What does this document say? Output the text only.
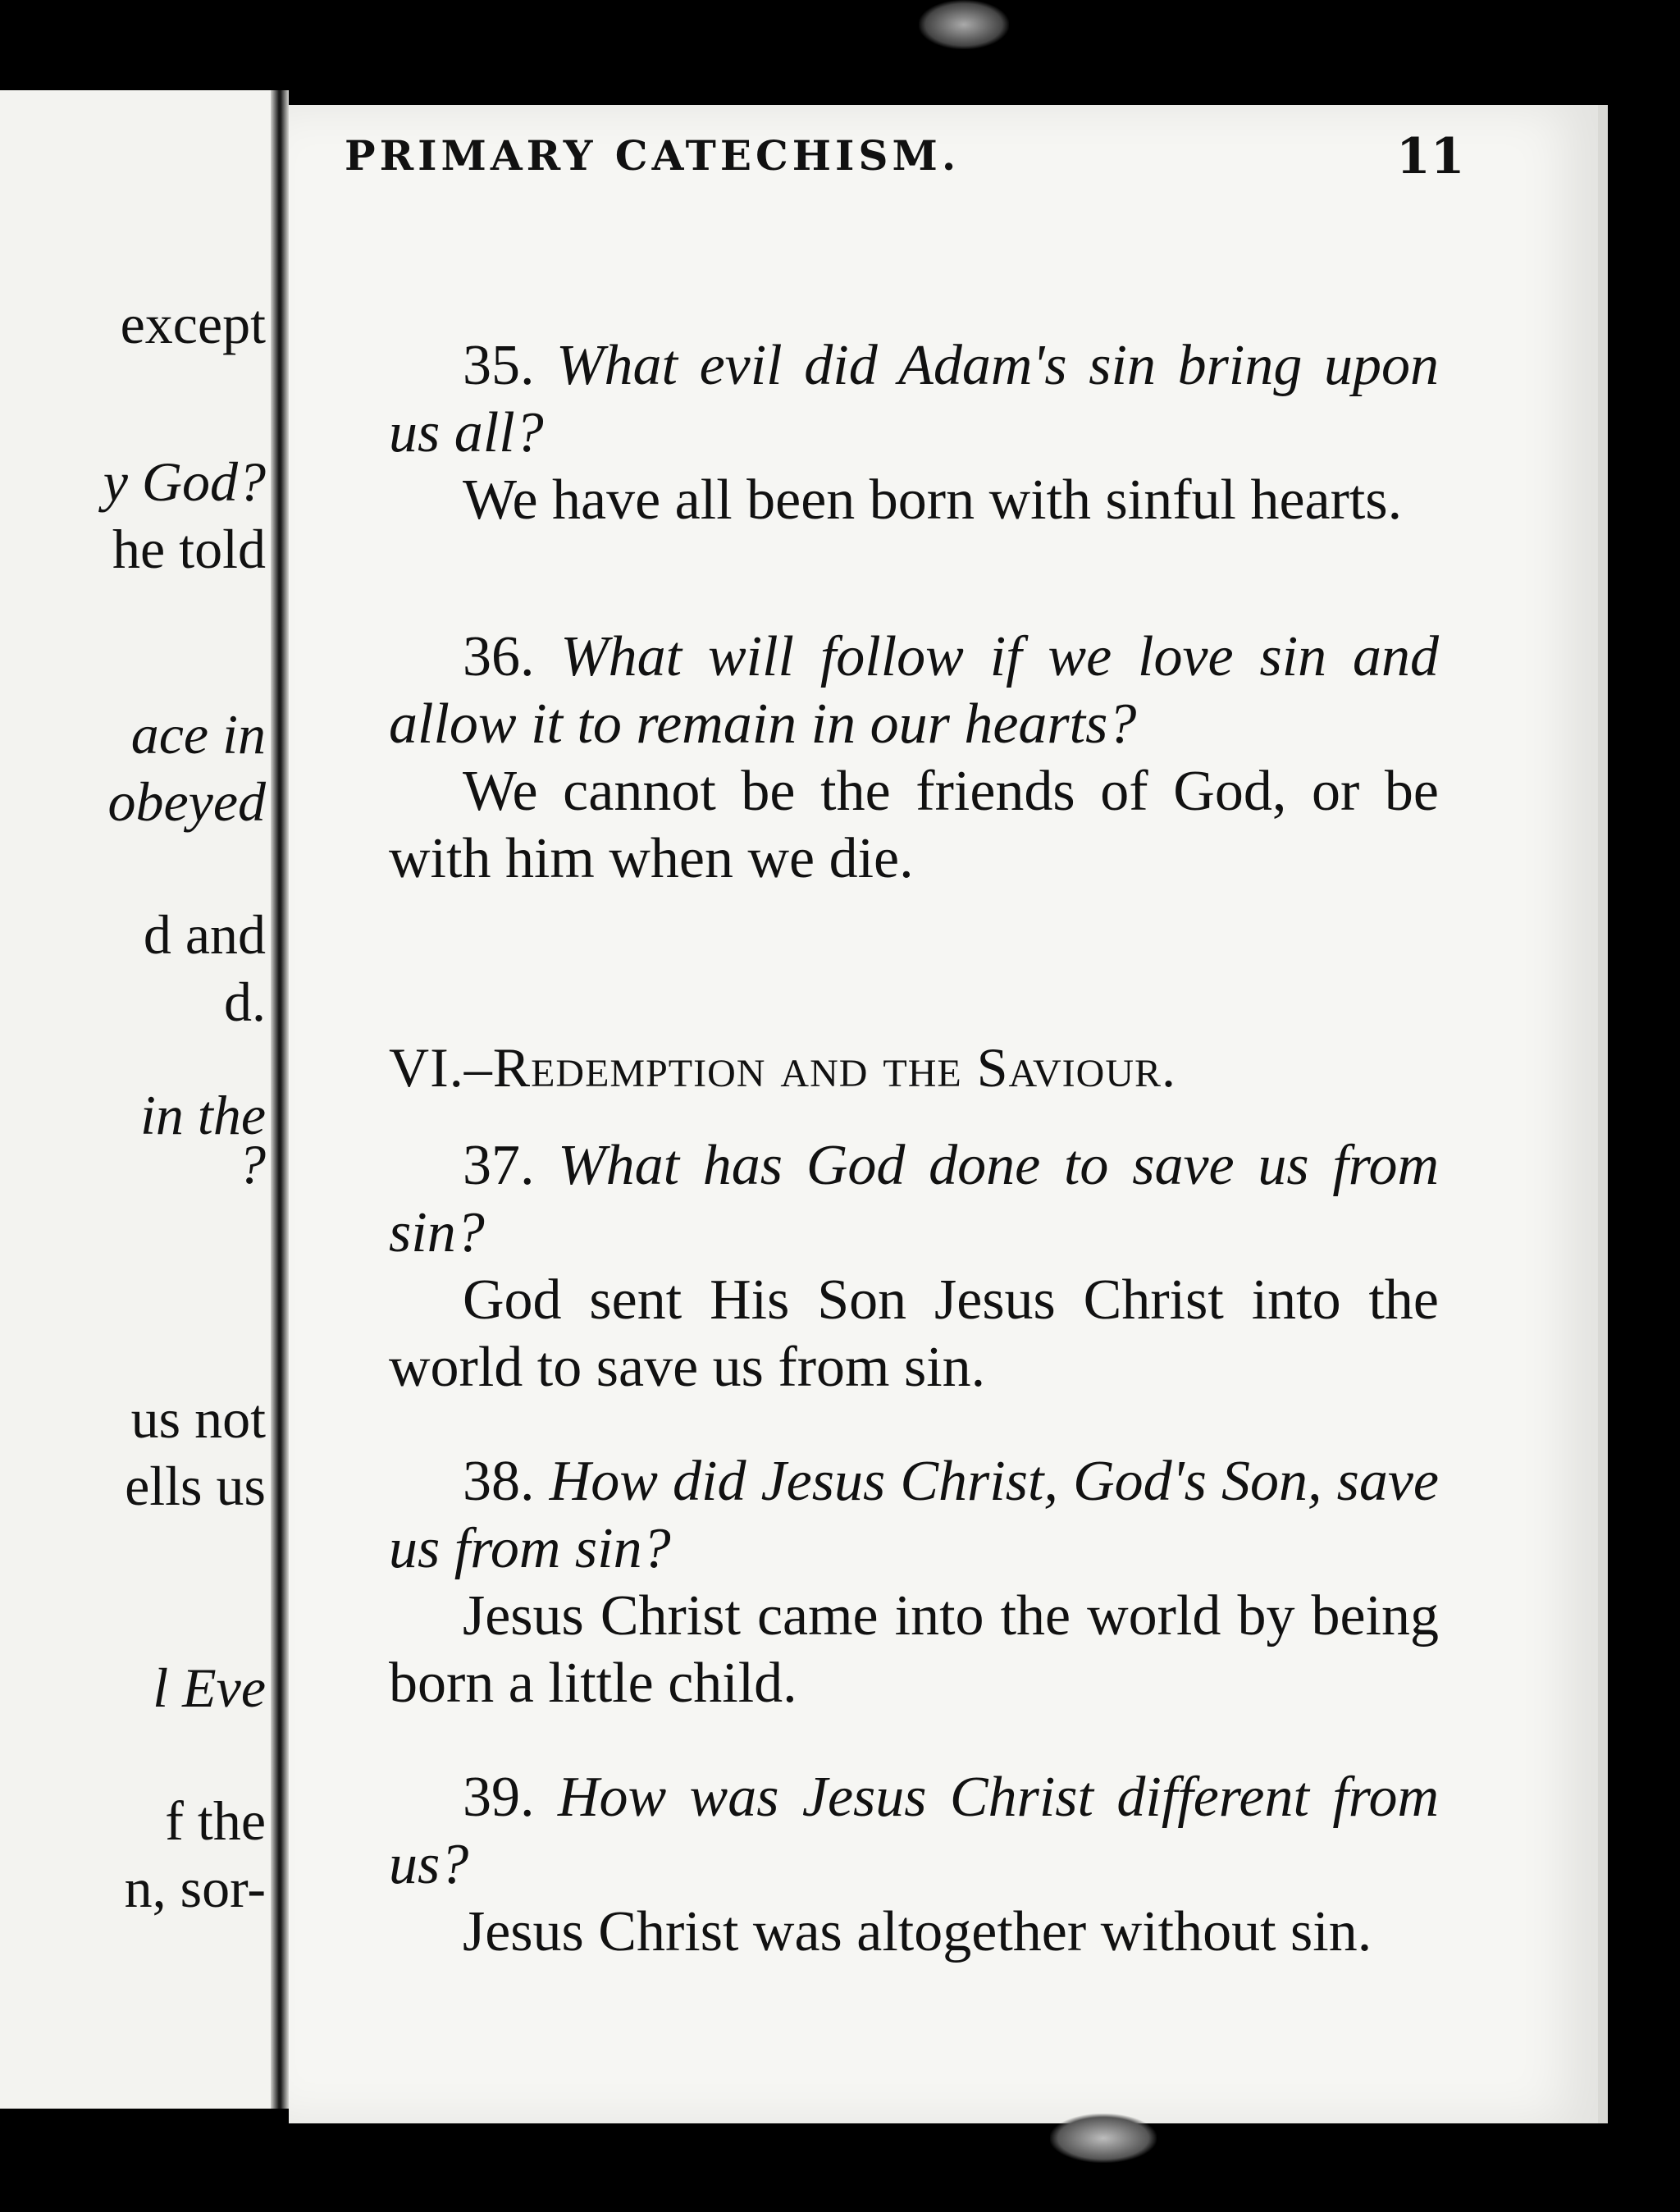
except
y God?
he told
ace in
obeyed
d and
d.
in the
?
us not
ells us
l Eve
f the
n, sor-
PRIMARY CATECHISM.	11

35. What evil did Adam's sin bring upon us all?

We have all been born with sinful hearts.

36. What will follow if we love sin and allow it to remain in our hearts?

We cannot be the friends of God, or be with him when we die.

VI.–Redemption and the Saviour.

37. What has God done to save us from sin?

God sent His Son Jesus Christ into the world to save us from sin.

38. How did Jesus Christ, God's Son, save us from sin?

Jesus Christ came into the world by being born a little child.

39. How was Jesus Christ different from us?

Jesus Christ was altogether without sin.
